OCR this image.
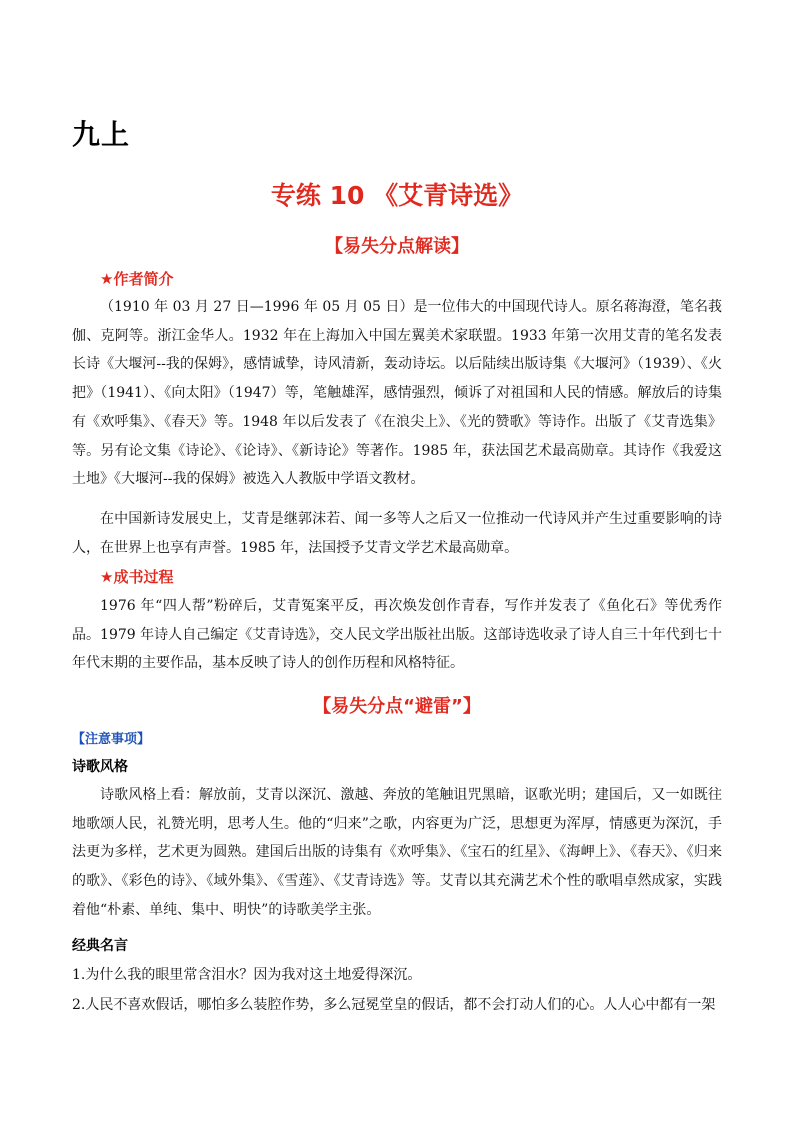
九上
专练 10 《艾青诗选》
【易失分点解读】
★作者简介
（1910 年 03 月 27 日—1996 年 05 月 05 日）是一位伟大的中国现代诗人。原名蒋海澄，笔名莪伽、克阿等。浙江金华人。1932 年在上海加入中国左翼美术家联盟。1933 年第一次用艾青的笔名发表长诗《大堰河--我的保姆》，感情诚挚，诗风清新，轰动诗坛。以后陆续出版诗集《大堰河》（1939）、《火把》（1941）、《向太阳》（1947）等，笔触雄浑，感情强烈，倾诉了对祖国和人民的情感。解放后的诗集有《欢呼集》、《春天》等。1948 年以后发表了《在浪尖上》、《光的赞歌》等诗作。出版了《艾青选集》等。另有论文集《诗论》、《论诗》、《新诗论》等著作。1985 年，获法国艺术最高勋章。其诗作《我爱这土地》《大堰河--我的保姆》被选入人教版中学语文教材。
在中国新诗发展史上，艾青是继郭沫若、闻一多等人之后又一位推动一代诗风并产生过重要影响的诗人，在世界上也享有声誉。1985 年，法国授予艾青文学艺术最高勋章。
★成书过程
1976 年“四人帮”粉碎后，艾青冤案平反，再次焕发创作青春，写作并发表了《鱼化石》等优秀作品。1979 年诗人自己编定《艾青诗选》，交人民文学出版社出版。这部诗选收录了诗人自三十年代到七十年代末期的主要作品，基本反映了诗人的创作历程和风格特征。
【易失分点“避雷”】
【注意事项】
诗歌风格
诗歌风格上看：解放前，艾青以深沉、激越、奔放的笔触诅咒黑暗，讴歌光明；建国后，又一如既往地歌颂人民，礼赞光明，思考人生。他的“归来”之歌，内容更为广泛，思想更为浑厚，情感更为深沉，手法更为多样，艺术更为圆熟。建国后出版的诗集有《欢呼集》、《宝石的红星》、《海岬上》、《春天》、《归来的歌》、《彩色的诗》、《域外集》、《雪莲》、《艾青诗选》等。艾青以其充满艺术个性的歌唱卓然成家，实践着他“朴素、单纯、集中、明快”的诗歌美学主张。
经典名言
1.为什么我的眼里常含泪水？因为我对这土地爱得深沉。
2.人民不喜欢假话，哪怕多么装腔作势，多么冠冕堂皇的假话，都不会打动人们的心。人人心中都有一架
